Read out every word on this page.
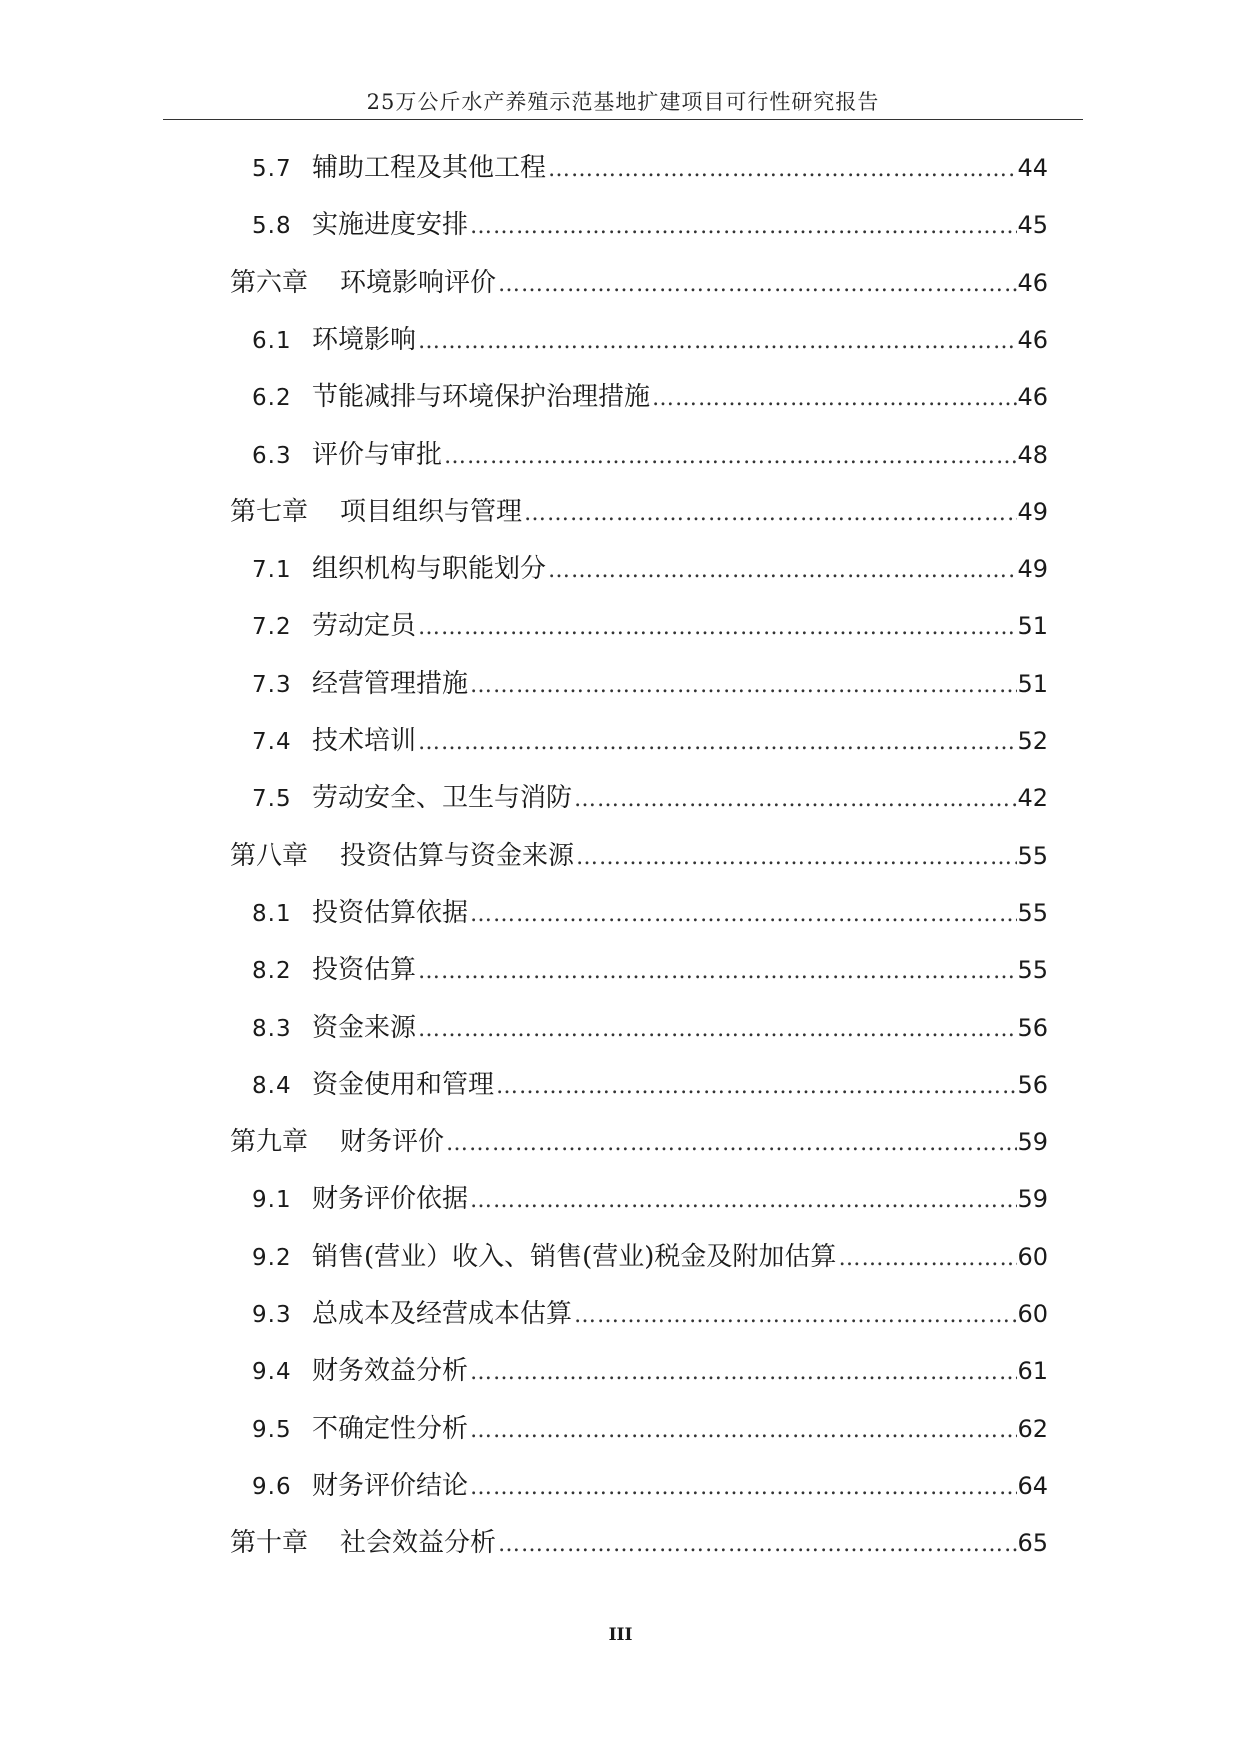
25万公斤水产养殖示范基地扩建项目可行性研究报告
5.7 辅助工程及其他工程 …………………………………………………………………………………………………………………………………………………………	44
5.8 实施进度安排 …………………………………………………………………………………………………………………………………………………………	45
第六章	环境影响评价 …………………………………………………………………………………………………………………………………………………………	46
6.1 环境影响 …………………………………………………………………………………………………………………………………………………………	46
6.2 节能减排与环境保护治理措施 …………………………………………………………………………………………………………………………………………………………	46
6.3 评价与审批 …………………………………………………………………………………………………………………………………………………………	48
第七章	项目组织与管理 …………………………………………………………………………………………………………………………………………………………	49
7.1 组织机构与职能划分 …………………………………………………………………………………………………………………………………………………………	49
7.2 劳动定员 …………………………………………………………………………………………………………………………………………………………	51
7.3 经营管理措施 …………………………………………………………………………………………………………………………………………………………	51
7.4 技术培训 …………………………………………………………………………………………………………………………………………………………	52
7.5 劳动安全、卫生与消防 …………………………………………………………………………………………………………………………………………………………	42
第八章	投资估算与资金来源 …………………………………………………………………………………………………………………………………………………………	55
8.1 投资估算依据 …………………………………………………………………………………………………………………………………………………………	55
8.2 投资估算 …………………………………………………………………………………………………………………………………………………………	55
8.3 资金来源 …………………………………………………………………………………………………………………………………………………………	56
8.4 资金使用和管理 …………………………………………………………………………………………………………………………………………………………	56
第九章	财务评价 …………………………………………………………………………………………………………………………………………………………	59
9.1 财务评价依据 …………………………………………………………………………………………………………………………………………………………	59
9.2 销售(营业）收入、销售(营业)税金及附加估算 …………………………………………………………………………………………………………………………………………………………	60
9.3 总成本及经营成本估算 …………………………………………………………………………………………………………………………………………………………	60
9.4 财务效益分析 …………………………………………………………………………………………………………………………………………………………	61
9.5 不确定性分析 …………………………………………………………………………………………………………………………………………………………	62
9.6 财务评价结论 …………………………………………………………………………………………………………………………………………………………	64
第十章	社会效益分析 …………………………………………………………………………………………………………………………………………………………	65
III
